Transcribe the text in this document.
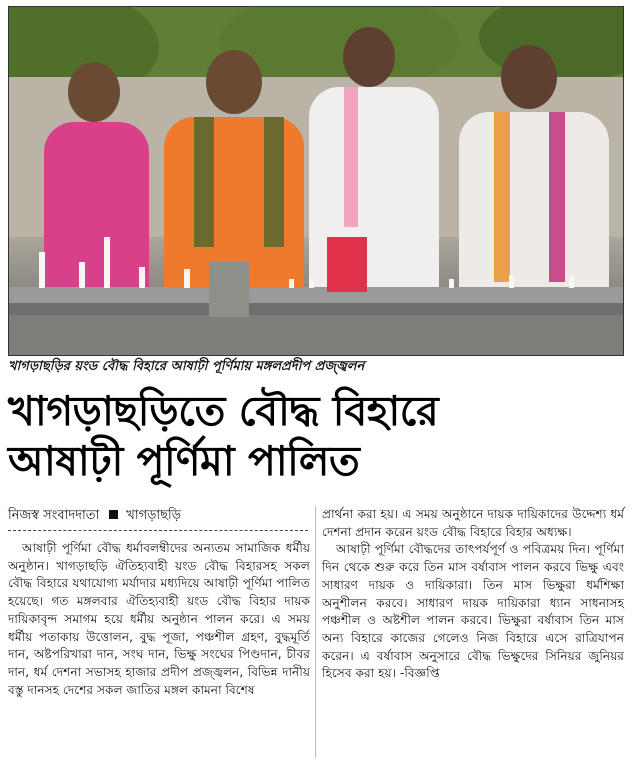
খাগড়াছড়ির য়ংড বৌদ্ধ বিহারে আষাঢ়ী পূর্ণিমায় মঙ্গলপ্রদীপ প্রজ্জ্বলন
খাগড়াছড়িতে বৌদ্ধ বিহারে
আষাঢ়ী পূর্ণিমা পালিত
নিজস্ব সংবাদদাতা খাগড়াছড়ি

আষাঢ়ী পূর্ণিমা বৌদ্ধ ধর্মাবলম্বীদের অন্যতম সামাজিক ধর্মীয় অনুষ্ঠান। খাগড়াছড়ি ঐতিহ্যবাহী য়ংড বৌদ্ধ বিহারসহ সকল বৌদ্ধ বিহারে যথাযোগ্য মর্যাদার মধ্যদিয়ে আষাঢ়ী পূর্ণিমা পালিত হয়েছে। গত মঙ্গলবার ঐতিহ্যবাহী য়ংড বৌদ্ধ বিহার দায়ক দায়িকাবৃন্দ সমাগম হয়ে ধর্মীয় অনুষ্ঠান পালন করে। এ সময় ধর্মীয় পতাকায় উত্তোলন, বুদ্ধ পূজা, পঞ্চশীল গ্রহণ, বুদ্ধমূর্তি দান, অষ্টপরিখারা দান, সংঘ দান, ভিক্ষু সংঘের পিণ্ডদান, চীবর দান, ধর্ম দেশনা সভাসহ হাজার প্রদীপ প্রজ্জ্বলন, বিভিন্ন দানীয় বস্তু দানসহ দেশের সকল জাতির মঙ্গল কামনা বিশেষ

প্রার্থনা করা হয়। এ সময় অনুষ্ঠানে দায়ক দায়িকাদের উদ্দেশ্য ধর্ম দেশনা প্রদান করেন য়ংড বৌদ্ধ বিহারে বিহার অধ্যক্ষ।

আষাঢ়ী পূর্ণিমা বৌদ্ধদের তাৎপর্যপূর্ণ ও পবিত্রময় দিন। পূর্ণিমা দিন থেকে শুরু করে তিন মাস বর্ষাবাস পালন করবে ভিক্ষু এবং সাধারণ দায়ক ও দায়িকারা। তিন মাস ভিক্ষুরা ধর্মশিক্ষা অনুশীলন করবে। সাধারণ দায়ক দায়িকারা ধ্যান সাধনাসহ পঞ্চশীল ও অষ্টশীল পালন করবে। ভিক্ষুরা বর্ষাবাস তিন মাস অন্য বিহারে কাজের গেলেও নিজ বিহারে এসে রাত্রিযাপন করেন। এ বর্ষাবাস অনুসারে বৌদ্ধ ভিক্ষুদের সিনিয়র জুনিয়র হিসেব করা হয়। -বিজ্ঞপ্তি
